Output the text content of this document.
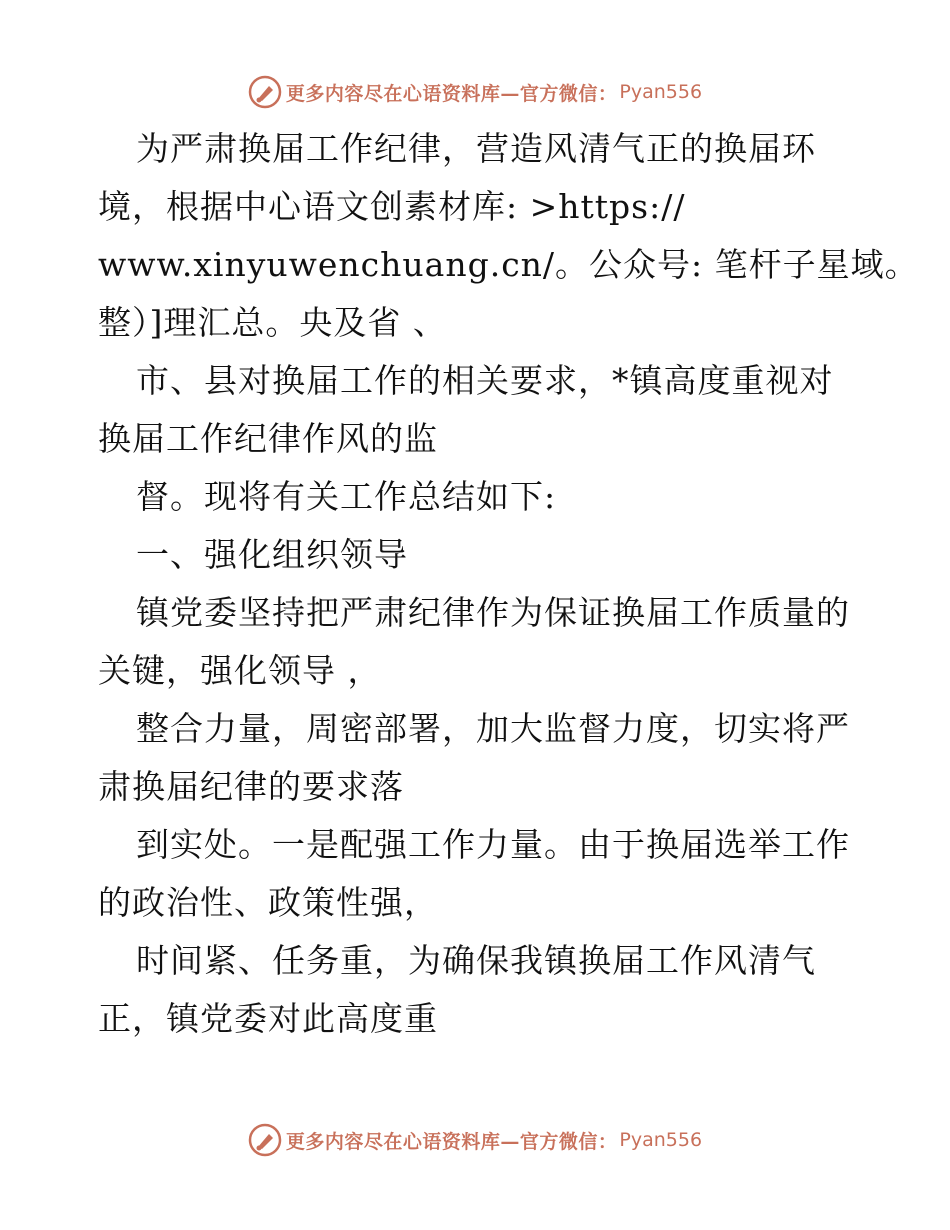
更多内容尽在心语资料库—官方微信： Pyan556
为严肃换届工作纪律，营造风清气正的换届环
境，根据中心语文创素材库: >https://
www.xinyuwenchuang.cn/。公众号: 笔杆子星域。
整）]理汇总。央及省 、
市、县对换届工作的相关要求，*镇高度重视对
换届工作纪律作风的监
督。现将有关工作总结如下:
一、强化组织领导
镇党委坚持把严肃纪律作为保证换届工作质量的
关键，强化领导 ，
整合力量，周密部署，加大监督力度，切实将严
肃换届纪律的要求落
到实处。一是配强工作力量。由于换届选举工作
的政治性、政策性强，
时间紧、任务重，为确保我镇换届工作风清气
正，镇党委对此高度重
更多内容尽在心语资料库—官方微信： Pyan556
